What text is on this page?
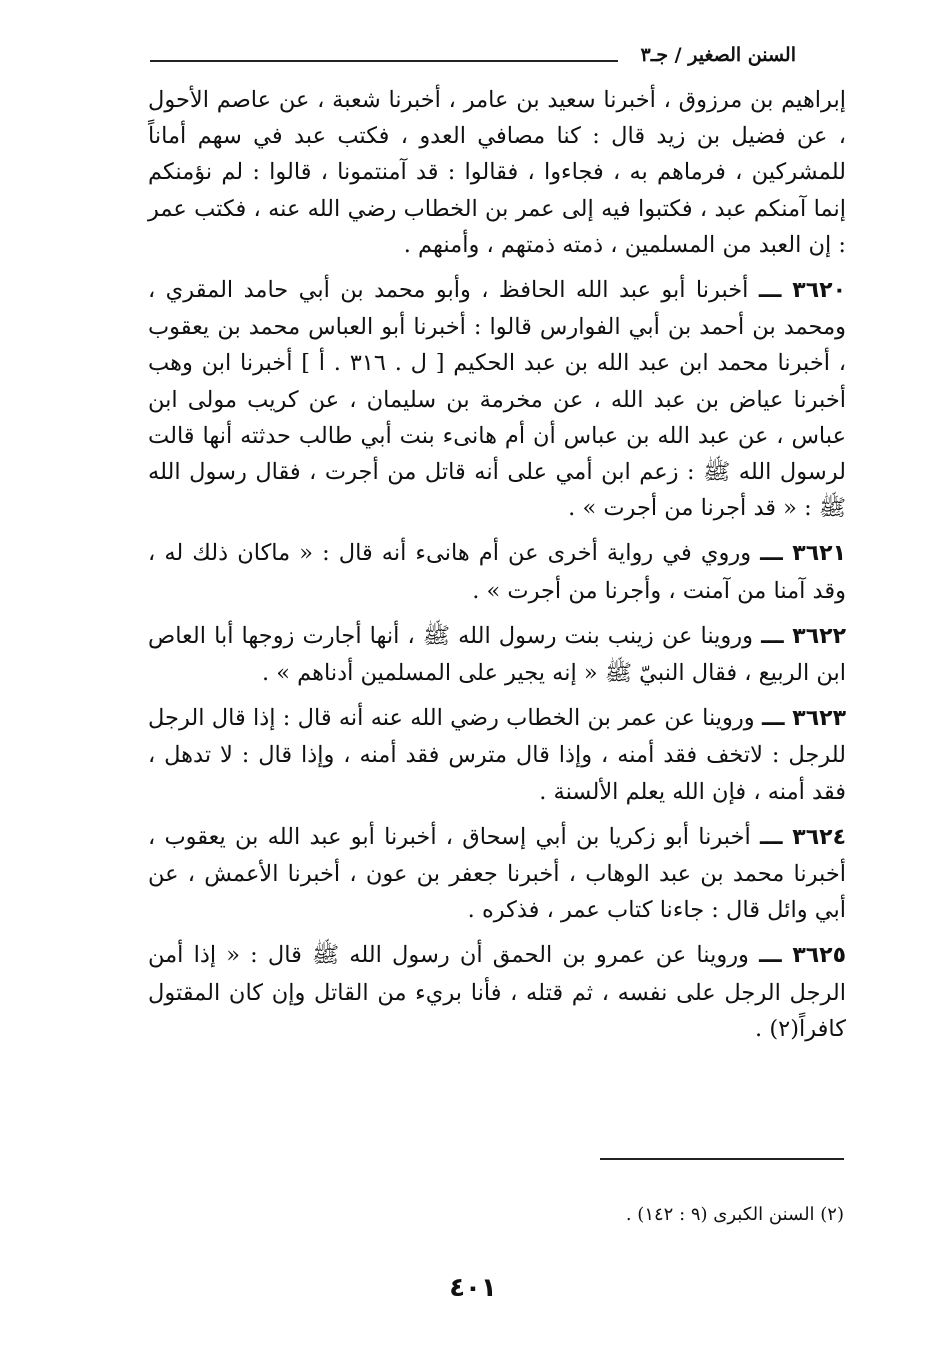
السنن الصغير / جـ٣

إبراهيم بن مرزوق ، أخبرنا سعيد بن عامر ، أخبرنا شعبة ، عن عاصم الأحول ، عن فضيل بن زيد قال : كنا مصافي العدو ، فكتب عبد في سهم أماناً للمشركين ، فرماهم به ، فجاءوا ، فقالوا : قد آمنتمونا ، قالوا : لم نؤمنكم إنما آمنكم عبد ، فكتبوا فيه إلى عمر بن الخطاب رضي الله عنه ، فكتب عمر : إن العبد من المسلمين ، ذمته ذمتهم ، وأمنهم .

٣٦٢٠ ـــ أخبرنا أبو عبد الله الحافظ ، وأبو محمد بن أبي حامد المقري ، ومحمد بن أحمد بن أبي الفوارس قالوا : أخبرنا أبو العباس محمد بن يعقوب ، أخبرنا محمد ابن عبد الله بن عبد الحكيم [ ل . ٣١٦ . أ ] أخبرنا ابن وهب أخبرنا عياض بن عبد الله ، عن مخرمة بن سليمان ، عن كريب مولى ابن عباس ، عن عبد الله بن عباس أن أم هانىء بنت أبي طالب حدثته أنها قالت لرسول الله ﷺ : زعم ابن أمي على أنه قاتل من أجرت ، فقال رسول الله ﷺ : « قد أجرنا من أجرت » .

٣٦٢١ ـــ وروي في رواية أخرى عن أم هانىء أنه قال : « ماكان ذلك له ، وقد آمنا من آمنت ، وأجرنا من أجرت » .

٣٦٢٢ ـــ وروينا عن زينب بنت رسول الله ﷺ ، أنها أجارت زوجها أبا العاص ابن الربيع ، فقال النبيّ ﷺ « إنه يجير على المسلمين أدناهم » .

٣٦٢٣ ـــ وروينا عن عمر بن الخطاب رضي الله عنه أنه قال : إذا قال الرجل للرجل : لاتخف فقد أمنه ، وإذا قال مترس فقد أمنه ، وإذا قال : لا تدهل ، فقد أمنه ، فإن الله يعلم الألسنة .

٣٦٢٤ ـــ أخبرنا أبو زكريا بن أبي إسحاق ، أخبرنا أبو عبد الله بن يعقوب ، أخبرنا محمد بن عبد الوهاب ، أخبرنا جعفر بن عون ، أخبرنا الأعمش ، عن أبي وائل قال : جاءنا كتاب عمر ، فذكره .

٣٦٢٥ ـــ وروينا عن عمرو بن الحمق أن رسول الله ﷺ قال : « إذا أمن الرجل الرجل على نفسه ، ثم قتله ، فأنا بريء من القاتل وإن كان المقتول كافراً(٢) .

(٢) السنن الكبرى (٩ : ١٤٢) .
٤٠١
